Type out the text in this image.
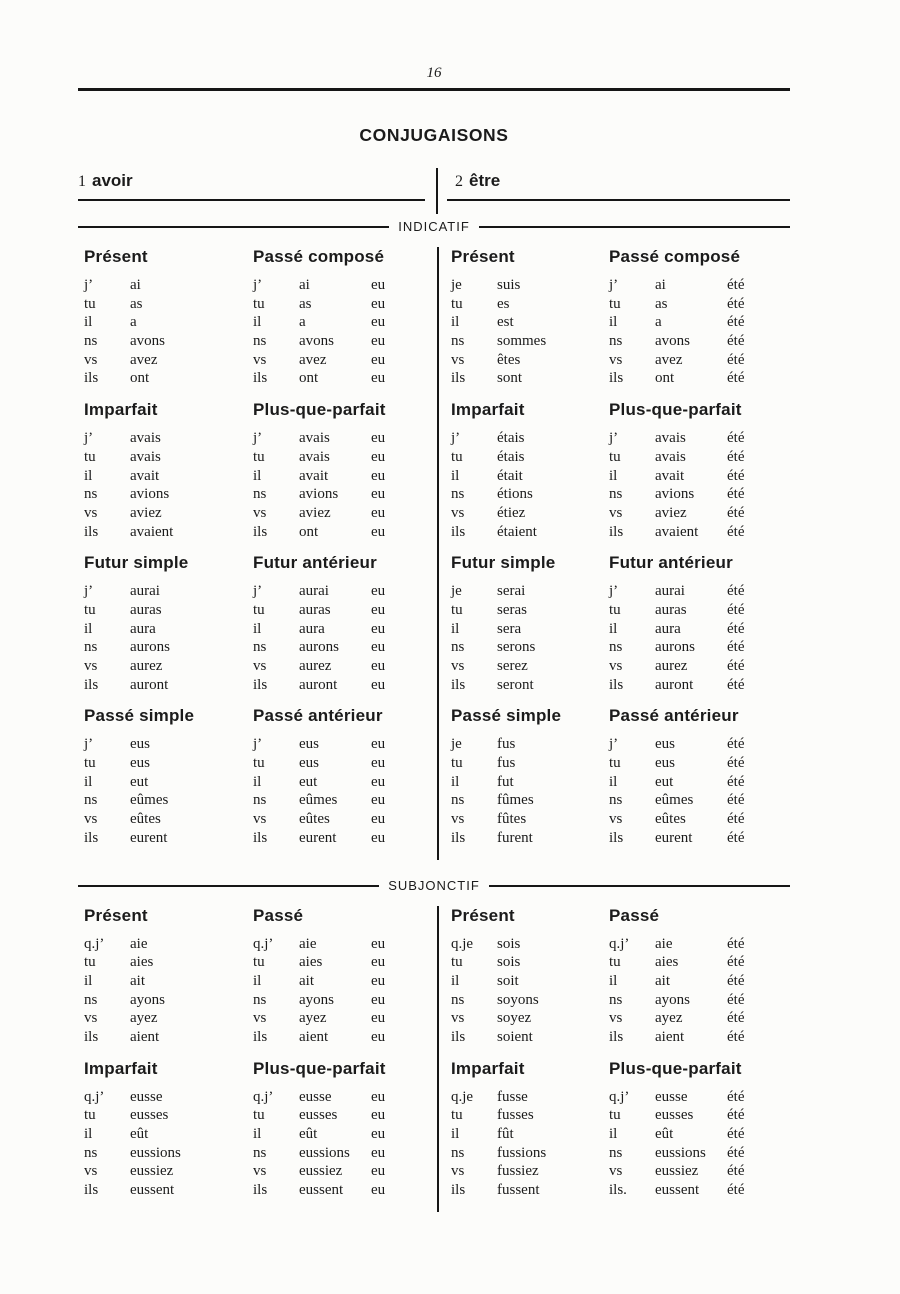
16
CONJUGAISONS
1 avoir	2 être
INDICATIF
Présent
j’	ai
tu	as
il	a
ns	avons
vs	avez
ils	ont
Passé composé
j’	ai	eu
tu	as	eu
il	a	eu
ns	avons	eu
vs	avez	eu
ils	ont	eu
Imparfait
j’	avais
tu	avais
il	avait
ns	avions
vs	aviez
ils	avaient
Plus-que-parfait
j’	avais	eu
tu	avais	eu
il	avait	eu
ns	avions	eu
vs	aviez	eu
ils	ont	eu
Futur simple
j’	aurai
tu	auras
il	aura
ns	aurons
vs	aurez
ils	auront
Futur antérieur
j’	aurai	eu
tu	auras	eu
il	aura	eu
ns	aurons	eu
vs	aurez	eu
ils	auront	eu
Passé simple
j’	eus
tu	eus
il	eut
ns	eûmes
vs	eûtes
ils	eurent
Passé antérieur
j’	eus	eu
tu	eus	eu
il	eut	eu
ns	eûmes	eu
vs	eûtes	eu
ils	eurent	eu
Présent
je	suis
tu	es
il	est
ns	sommes
vs	êtes
ils	sont
Passé composé
j’	ai	été
tu	as	été
il	a	été
ns	avons	été
vs	avez	été
ils	ont	été
Imparfait
j’	étais
tu	étais
il	était
ns	étions
vs	étiez
ils	étaient
Plus-que-parfait
j’	avais	été
tu	avais	été
il	avait	été
ns	avions	été
vs	aviez	été
ils	avaient	été
Futur simple
je	serai
tu	seras
il	sera
ns	serons
vs	serez
ils	seront
Futur antérieur
j’	aurai	été
tu	auras	été
il	aura	été
ns	aurons	été
vs	aurez	été
ils	auront	été
Passé simple
je	fus
tu	fus
il	fut
ns	fûmes
vs	fûtes
ils	furent
Passé antérieur
j’	eus	été
tu	eus	été
il	eut	été
ns	eûmes	été
vs	eûtes	été
ils	eurent	été
SUBJONCTIF
Présent
q.j’	aie
tu	aies
il	ait
ns	ayons
vs	ayez
ils	aient
Passé
q.j’	aie	eu
tu	aies	eu
il	ait	eu
ns	ayons	eu
vs	ayez	eu
ils	aient	eu
Imparfait
q.j’	eusse
tu	eusses
il	eût
ns	eussions
vs	eussiez
ils	eussent
Plus-que-parfait
q.j’	eusse	eu
tu	eusses	eu
il	eût	eu
ns	eussions	eu
vs	eussiez	eu
ils	eussent	eu
Présent
q.je	sois
tu	sois
il	soit
ns	soyons
vs	soyez
ils	soient
Passé
q.j’	aie	été
tu	aies	été
il	ait	été
ns	ayons	été
vs	ayez	été
ils	aient	été
Imparfait
q.je	fusse
tu	fusses
il	fût
ns	fussions
vs	fussiez
ils	fussent
Plus-que-parfait
q.j’	eusse	été
tu	eusses	été
il	eût	été
ns	eussions	été
vs	eussiez	été
ils.	eussent	été
